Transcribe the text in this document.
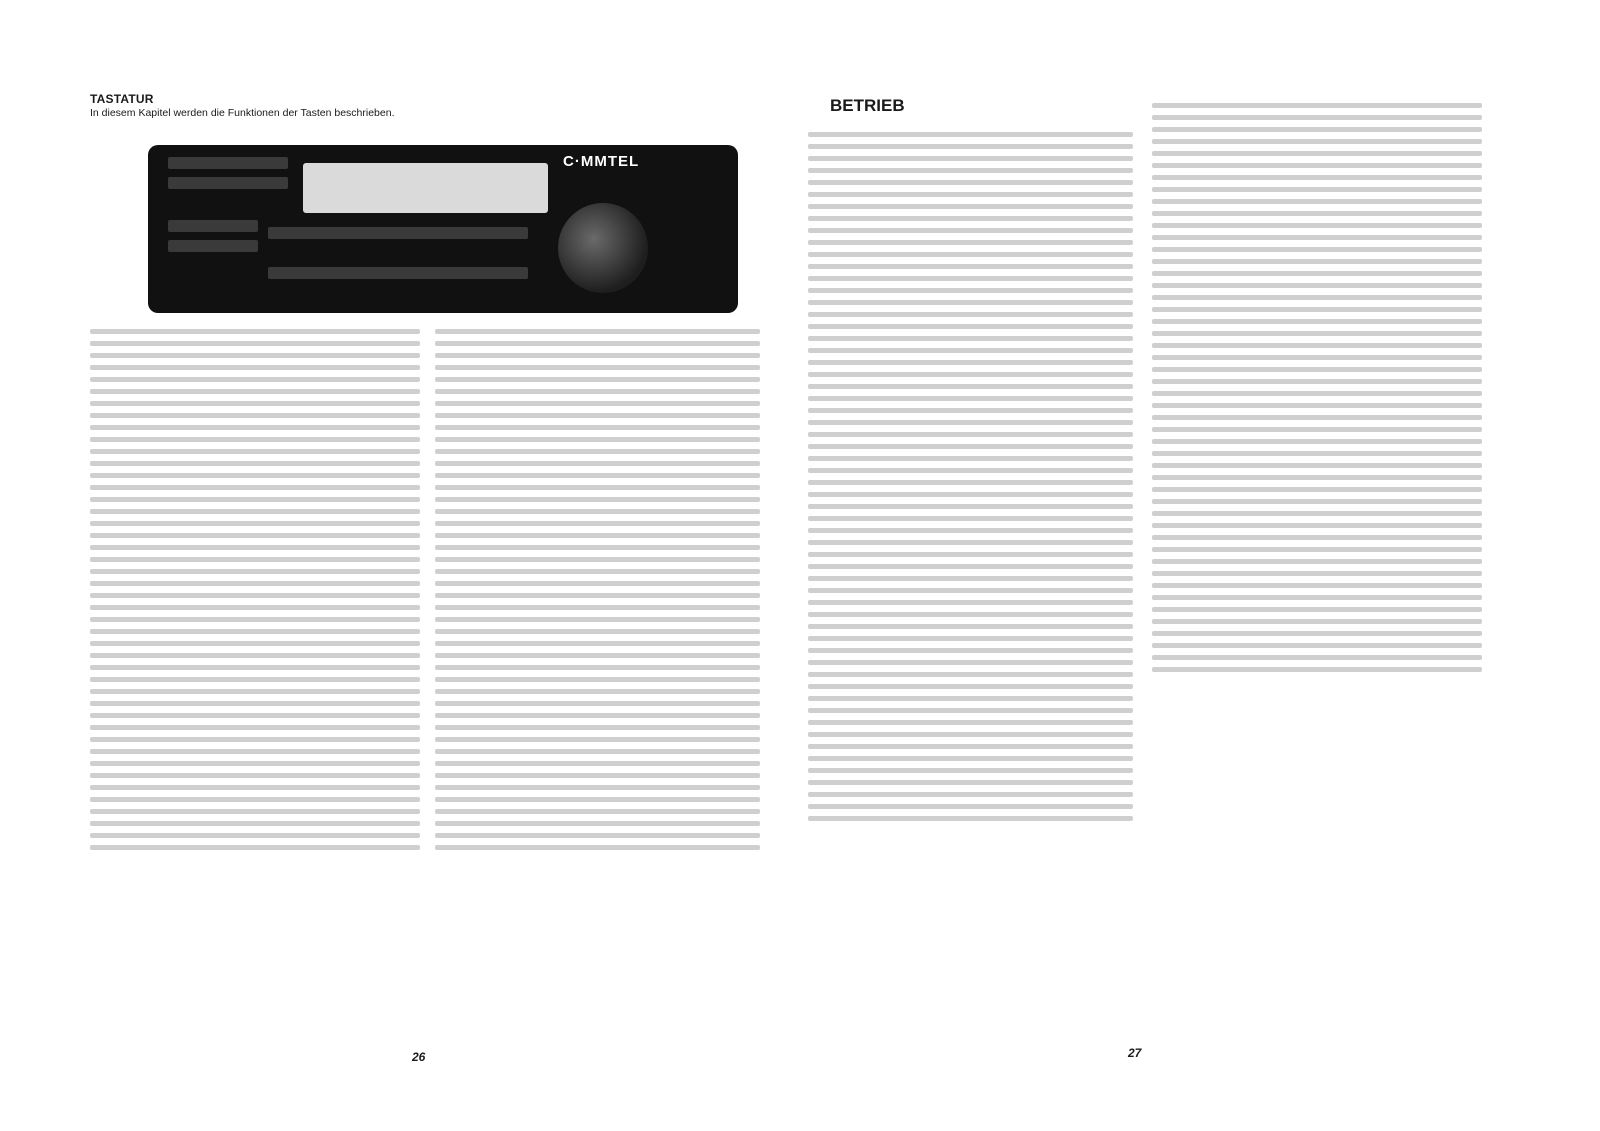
TASTATUR
In diesem Kapitel werden die Funktionen der Tasten beschrieben.
C·MMTEL
26
BETRIEB
27
